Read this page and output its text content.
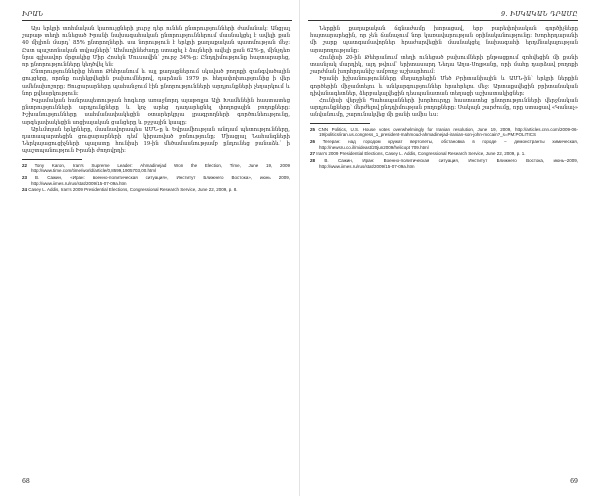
ԻՐԱՆ

Այս երկրի տոհմական կառույցների լուրջ դեր ունեն ընտրությունների ժամանակ։ Անցյալ շաբաթ տեղի ունեցած Իրանի նախագահական ընտրություններում մասնակցել է ավելի քան 40 միլիոն մարդ՝ 85% ընտրողների. սա նորություն է երկրի քաղաքական պատմության մեջ։ Ըստ պաշտոնական տվյալների՝ Ահմադինեժադը ստացել է ձայների ավելի քան 62%-ը, մինչդեռ նրա գլխավոր մրցակից Միր Հոսեյն Մուսավին՝ շուրջ 34%-ը։ Ընդդիմությունը հայտարարեց, որ ընտրությունները կեղծվել են։

Ընտրություններից հետո Թեհրանում և այլ քաղաքներում սկսված բողոքի զանգվածային ցույցերը, որոնք ուղեկցվեցին բախումներով, դարձան 1979 թ. հեղափոխությունից ի վեր ամենախոշորը։ Ցուցարարները պահանջում էին ընտրությունների արդյունքների չեղարկում և նոր քվեարկություն։

Իսլամական հանրապետության հոգևոր առաջնորդ այաթոլլա Ալի Խամենեին հաստատեց ընտրությունների արդյունքները և կոչ արեց դադարեցնել փողոցային բողոքները։ Իշխանությունները սահմանափակեցին օտարերկրյա լրագրողների գործունեությունը, արգելափակեցին սոցիալական ցանցերը և բջջային կապը։

Արևմտյան երկրները, մասնավորապես ԱՄՆ-ը և Եվրամիության անդամ պետությունները, դատապարտեցին ցուցարարների դեմ կիրառված բռնությունը։ Միացյալ Նահանգների Ներկայացուցիչների պալատը հունիսի 19-ին մեծամասնությամբ ընդունեց բանաձև՝ ի պաշտպանություն Իրանի ժողովրդի։

22 Tony Karon, Iran's Supreme Leader: Ahmadinejad Won the Election, Time, June 19, 2009 http://www.time.com/time/world/article/0,8599,1905703,00.html
23 В. Сажин, «Иран: военно-политическая ситуация», Институт Ближнего Востока», июнь 2009, http://www.iimes.ru/rus/stat/2009/15-07-09a.htm
24 Casey L. Addis, Iran's 2009 Presidential Elections, Congressional Research Service, June 22, 2009, p. 8.
68
9. ԻՍԿԱԿԱՆ ԴՐԱՄԸ

Ներքին քաղաքական ճգնաժամը խորացավ, երբ բարեփոխական գործիչները հայտարարեցին, որ չեն ճանաչում նոր կառավարության օրինականությունը։ Խորհրդարանի մի շարք պատգամավորներ հրաժարվեցին մասնակցել նախագահի երդմնակալության արարողությանը։

Հունիսի 20-ին Թեհրանում տեղի ունեցած բախումների ընթացքում զոհվեցին մի քանի տասնյակ մարդիկ, այդ թվում՝ երիտասարդ Նեդա Աղա-Սոլթանը, որի մահը դարձավ բողոքի շարժման խորհրդանիշ ամբողջ աշխարհում։

Իրանի իշխանությունները մեղադրեցին Մեծ Բրիտանիային և ԱՄՆ-ին՝ երկրի ներքին գործերին միջամտելու և անկարգություններ հրահրելու մեջ։ Արտաքսվեցին բրիտանական դիվանագետներ, ձերբակալվեցին դեսպանատան տեղացի աշխատակիցներ։

Հունիսի վերջին Պահապանների խորհուրդը հաստատեց ընտրությունների վերջնական արդյունքները՝ մերժելով ընդդիմության բողոքները։ Սակայն շարժումը, որը ստացավ «Կանաչ» անվանումը, շարունակվեց մի քանի ամիս ևս։

25 CNN Politics, U.S. House votes overwhelmingly for Iranian resolution, June 19, 2009, http://articles.cnn.com/2009-06-19/politics/iran.us.congress_1_president-mahmoud-ahmadinejad-iranian-son-john-mccain?_s=PM:POLITICS
26 Тегеран: над городом кружат вертолеты, обстановка в городе – демонстранты химическая, http://newsru.co.il/mideast/20jun2009/helicopt 709.html
27 Iran's 2009 Presidential Elections, Casey L. Addis, Congressional Research Service, June 22, 2009, p. 1.
28 В. Сажин, Иран: Военно-политическая ситуация, Институт Ближнего Востока, июнь–2009, http://www.iimes.ru/rus/stat/2009/15-07-09a.htm
69
